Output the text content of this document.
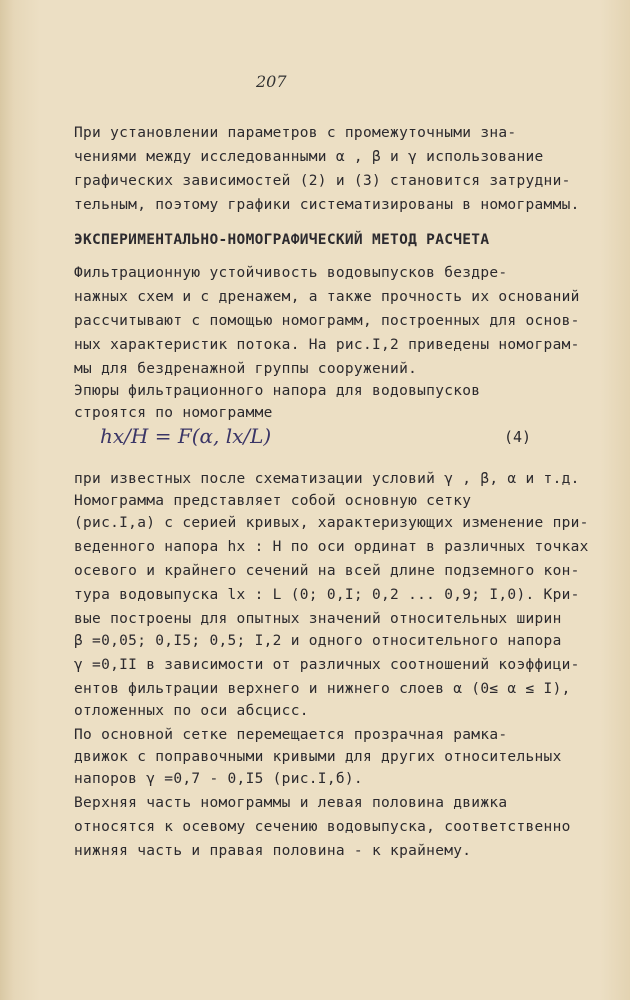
207
При установлении параметров с промежуточными зна-
чениями между исследованными α , β и γ использование
графических зависимостей (2) и (3) становится затрудни-
тельным, поэтому графики систематизированы в номограммы.
ЭКСПЕРИМЕНТАЛЬНО-НОМОГРАФИЧЕСКИЙ МЕТОД РАСЧЕТА
Фильтрационную устойчивость водовыпусков бездре-
нажных схем и с дренажем, а также прочность их оснований
рассчитывают с помощью номограмм, построенных для основ-
ных характеристик потока. На рис.I,2 приведены номограм-
мы для бездренажной группы сооружений.
Эпюры фильтрационного напора для водовыпусков
строятся по номограмме
hx/H = F(α, lx/L)	(4)
при известных после схематизации условий γ , β, α и т.д.
Номограмма представляет собой основную сетку
(рис.I,а) с серией кривых, характеризующих изменение при-
веденного напора hx : H по оси ординат в различных точках
осевого и крайнего сечений на всей длине подземного кон-
тура водовыпуска lx : L (0; 0,I; 0,2 ... 0,9; I,0). Кри-
вые построены для опытных значений относительных ширин
β =0,05; 0,I5; 0,5; I,2 и одного относительного напора
γ =0,II в зависимости от различных соотношений коэффици-
ентов фильтрации верхнего и нижнего слоев α (0≤ α ≤ I),
отложенных по оси абсцисс.
По основной сетке перемещается прозрачная рамка-
движок с поправочными кривыми для других относительных
напоров γ =0,7 - 0,I5 (рис.I,б).
Верхняя часть номограммы и левая половина движка
относятся к осевому сечению водовыпуска, соответственно
нижняя часть и правая половина - к крайнему.
